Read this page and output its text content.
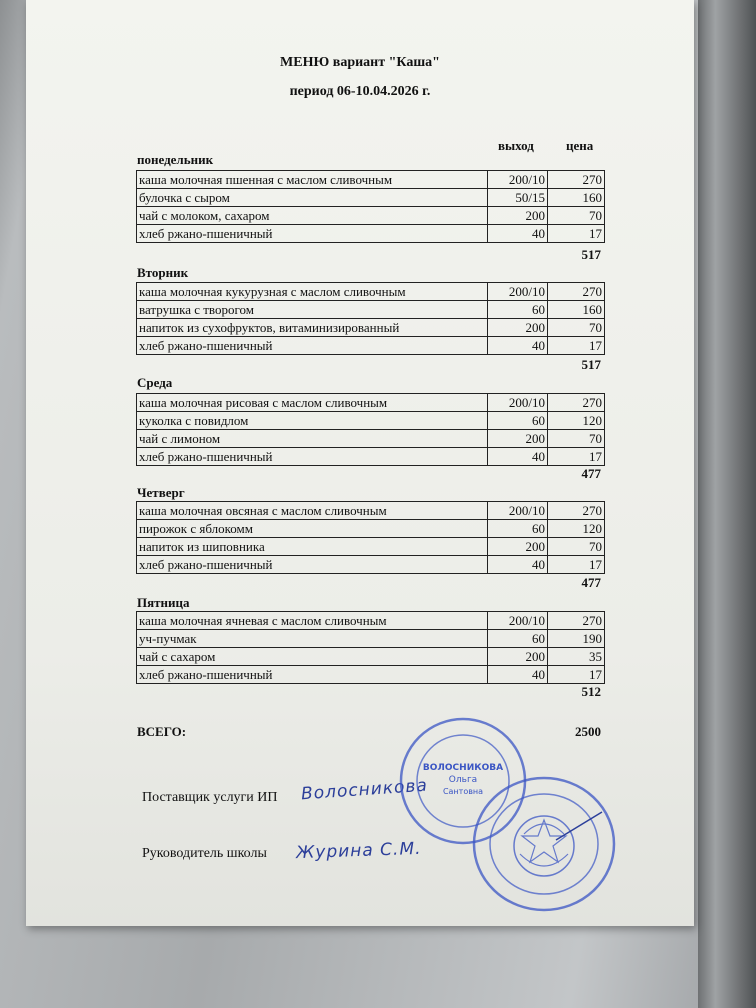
МЕНЮ вариант "Каша"
период 06-10.04.2026 г.
выход цена
понедельник
каша молочная пшенная с маслом сливочным	200/10	270
булочка с сыром	50/15	160
чай с молоком, сахаром	200	70
хлеб ржано-пшеничный	40	17
517
Вторник
каша молочная кукурузная с маслом сливочным	200/10	270
ватрушка с творогом	60	160
напиток из сухофруктов, витаминизированный	200	70
хлеб ржано-пшеничный	40	17
517
Среда
каша молочная рисовая с маслом сливочным	200/10	270
куколка с повидлом	60	120
чай с лимоном	200	70
хлеб ржано-пшеничный	40	17
477
Четверг
каша молочная овсяная с маслом сливочным	200/10	270
пирожок с яблокомм	60	120
напиток из шиповника	200	70
хлеб ржано-пшеничный	40	17
477
Пятница
каша молочная ячневая с маслом сливочным	200/10	270
уч-пучмак	60	190
чай с сахаром	200	35
хлеб ржано-пшеничный	40	17
512
ВСЕГО:	2500
Поставщик услуги ИП Волосникова
Руководитель школы Журина С.М.
ВОЛОСНИКОВА
Ольга
Сантовна
